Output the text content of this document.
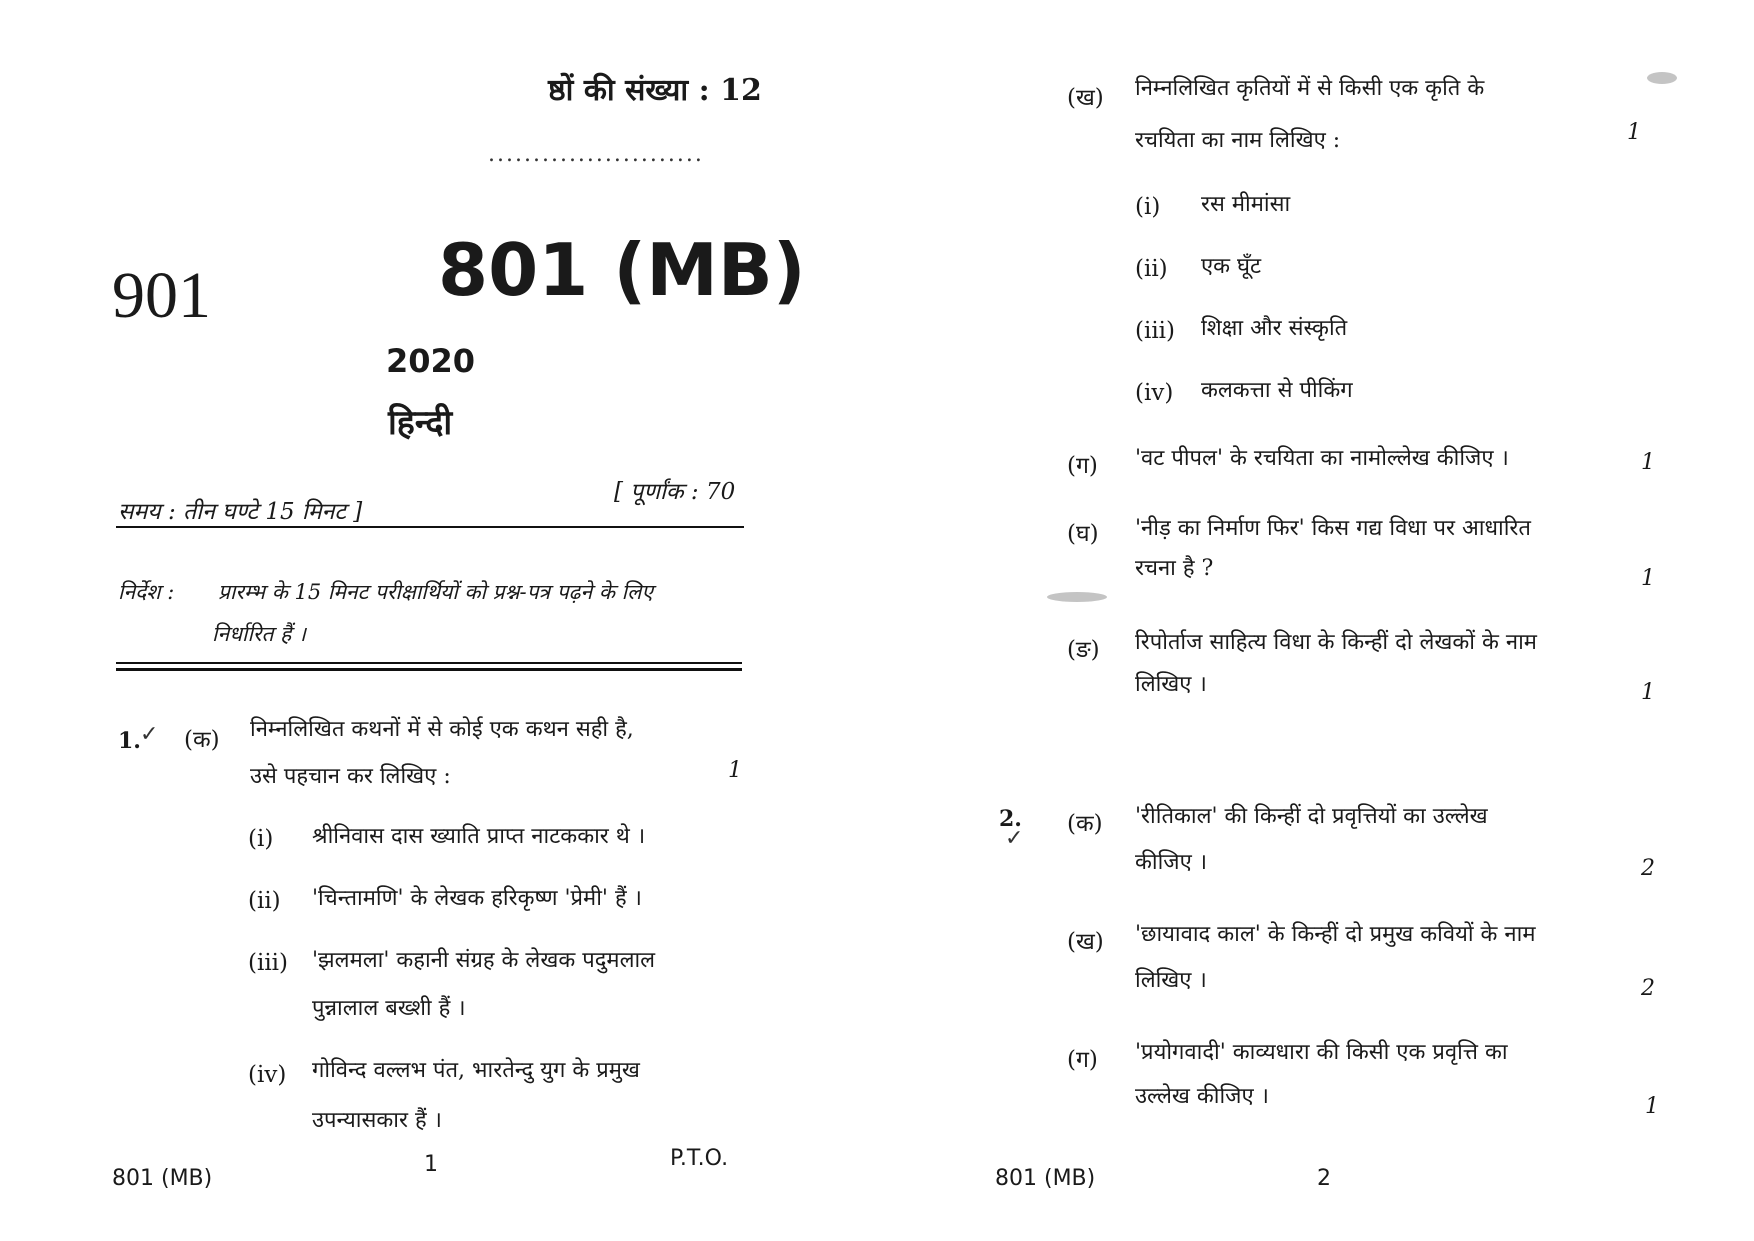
ष्ठों की संख्या : 12
........................
901	801 (MB)
2020
हिन्दी
समय : तीन घण्टे 15 मिनट ]
[ पूर्णांक : 70
निर्देश : प्रारम्भ के 15 मिनट परीक्षार्थियों को प्रश्न-पत्र पढ़ने के लिए
निर्धारित हैं ।
1. ✓ (क) निम्नलिखित कथनों में से कोई एक कथन सही है,
उसे पहचान कर लिखिए :	1
(i) श्रीनिवास दास ख्याति प्राप्त नाटककार थे ।
(ii) 'चिन्तामणि' के लेखक हरिकृष्ण 'प्रेमी' हैं ।
(iii) 'झलमला' कहानी संग्रह के लेखक पदुमलाल
पुन्नालाल बख्शी हैं ।
(iv) गोविन्द वल्लभ पंत, भारतेन्दु युग के प्रमुख
उपन्यासकार हैं ।
801 (MB)
1	P.T.O.
(ख) निम्नलिखित कृतियों में से किसी एक कृति के
रचयिता का नाम लिखिए :	1
(i) रस मीमांसा
(ii) एक घूँट
(iii) शिक्षा और संस्कृति
(iv) कलकत्ता से पीकिंग
(ग) 'वट पीपल' के रचयिता का नामोल्लेख कीजिए ।	1
(घ) 'नीड़ का निर्माण फिर' किस गद्य विधा पर आधारित
रचना है ?	1
(ङ) रिपोर्ताज साहित्य विधा के किन्हीं दो लेखकों के नाम
लिखिए ।	1
2.
✓
(क) 'रीतिकाल' की किन्हीं दो प्रवृत्तियों का उल्लेख
कीजिए ।	2
(ख) 'छायावाद काल' के किन्हीं दो प्रमुख कवियों के नाम
लिखिए ।	2
(ग) 'प्रयोगवादी' काव्यधारा की किसी एक प्रवृत्ति का
उल्लेख कीजिए ।	1
801 (MB)	2
